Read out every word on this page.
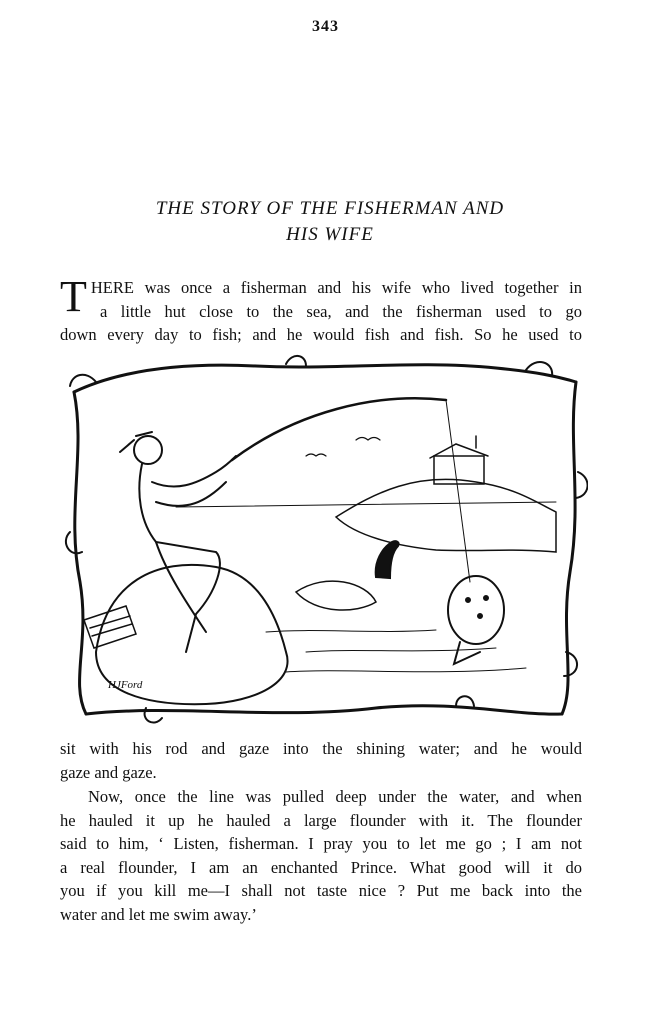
343
THE STORY OF THE FISHERMAN AND
HIS WIFE
T HERE was once a fisherman and his wife who lived together in
a little hut close to the sea, and the fisherman used to go
down every day to fish; and he would fish and fish. So he used to
HJFord
sit with his rod and gaze into the shining water; and he would
gaze and gaze.
Now, once the line was pulled deep under the water, and when
he hauled it up he hauled a large flounder with it. The flounder
said to him, ‘ Listen, fisherman. I pray you to let me go ; I am not
a real flounder, I am an enchanted Prince. What good will it do
you if you kill me—I shall not taste nice ? Put me back into the
water and let me swim away.’
